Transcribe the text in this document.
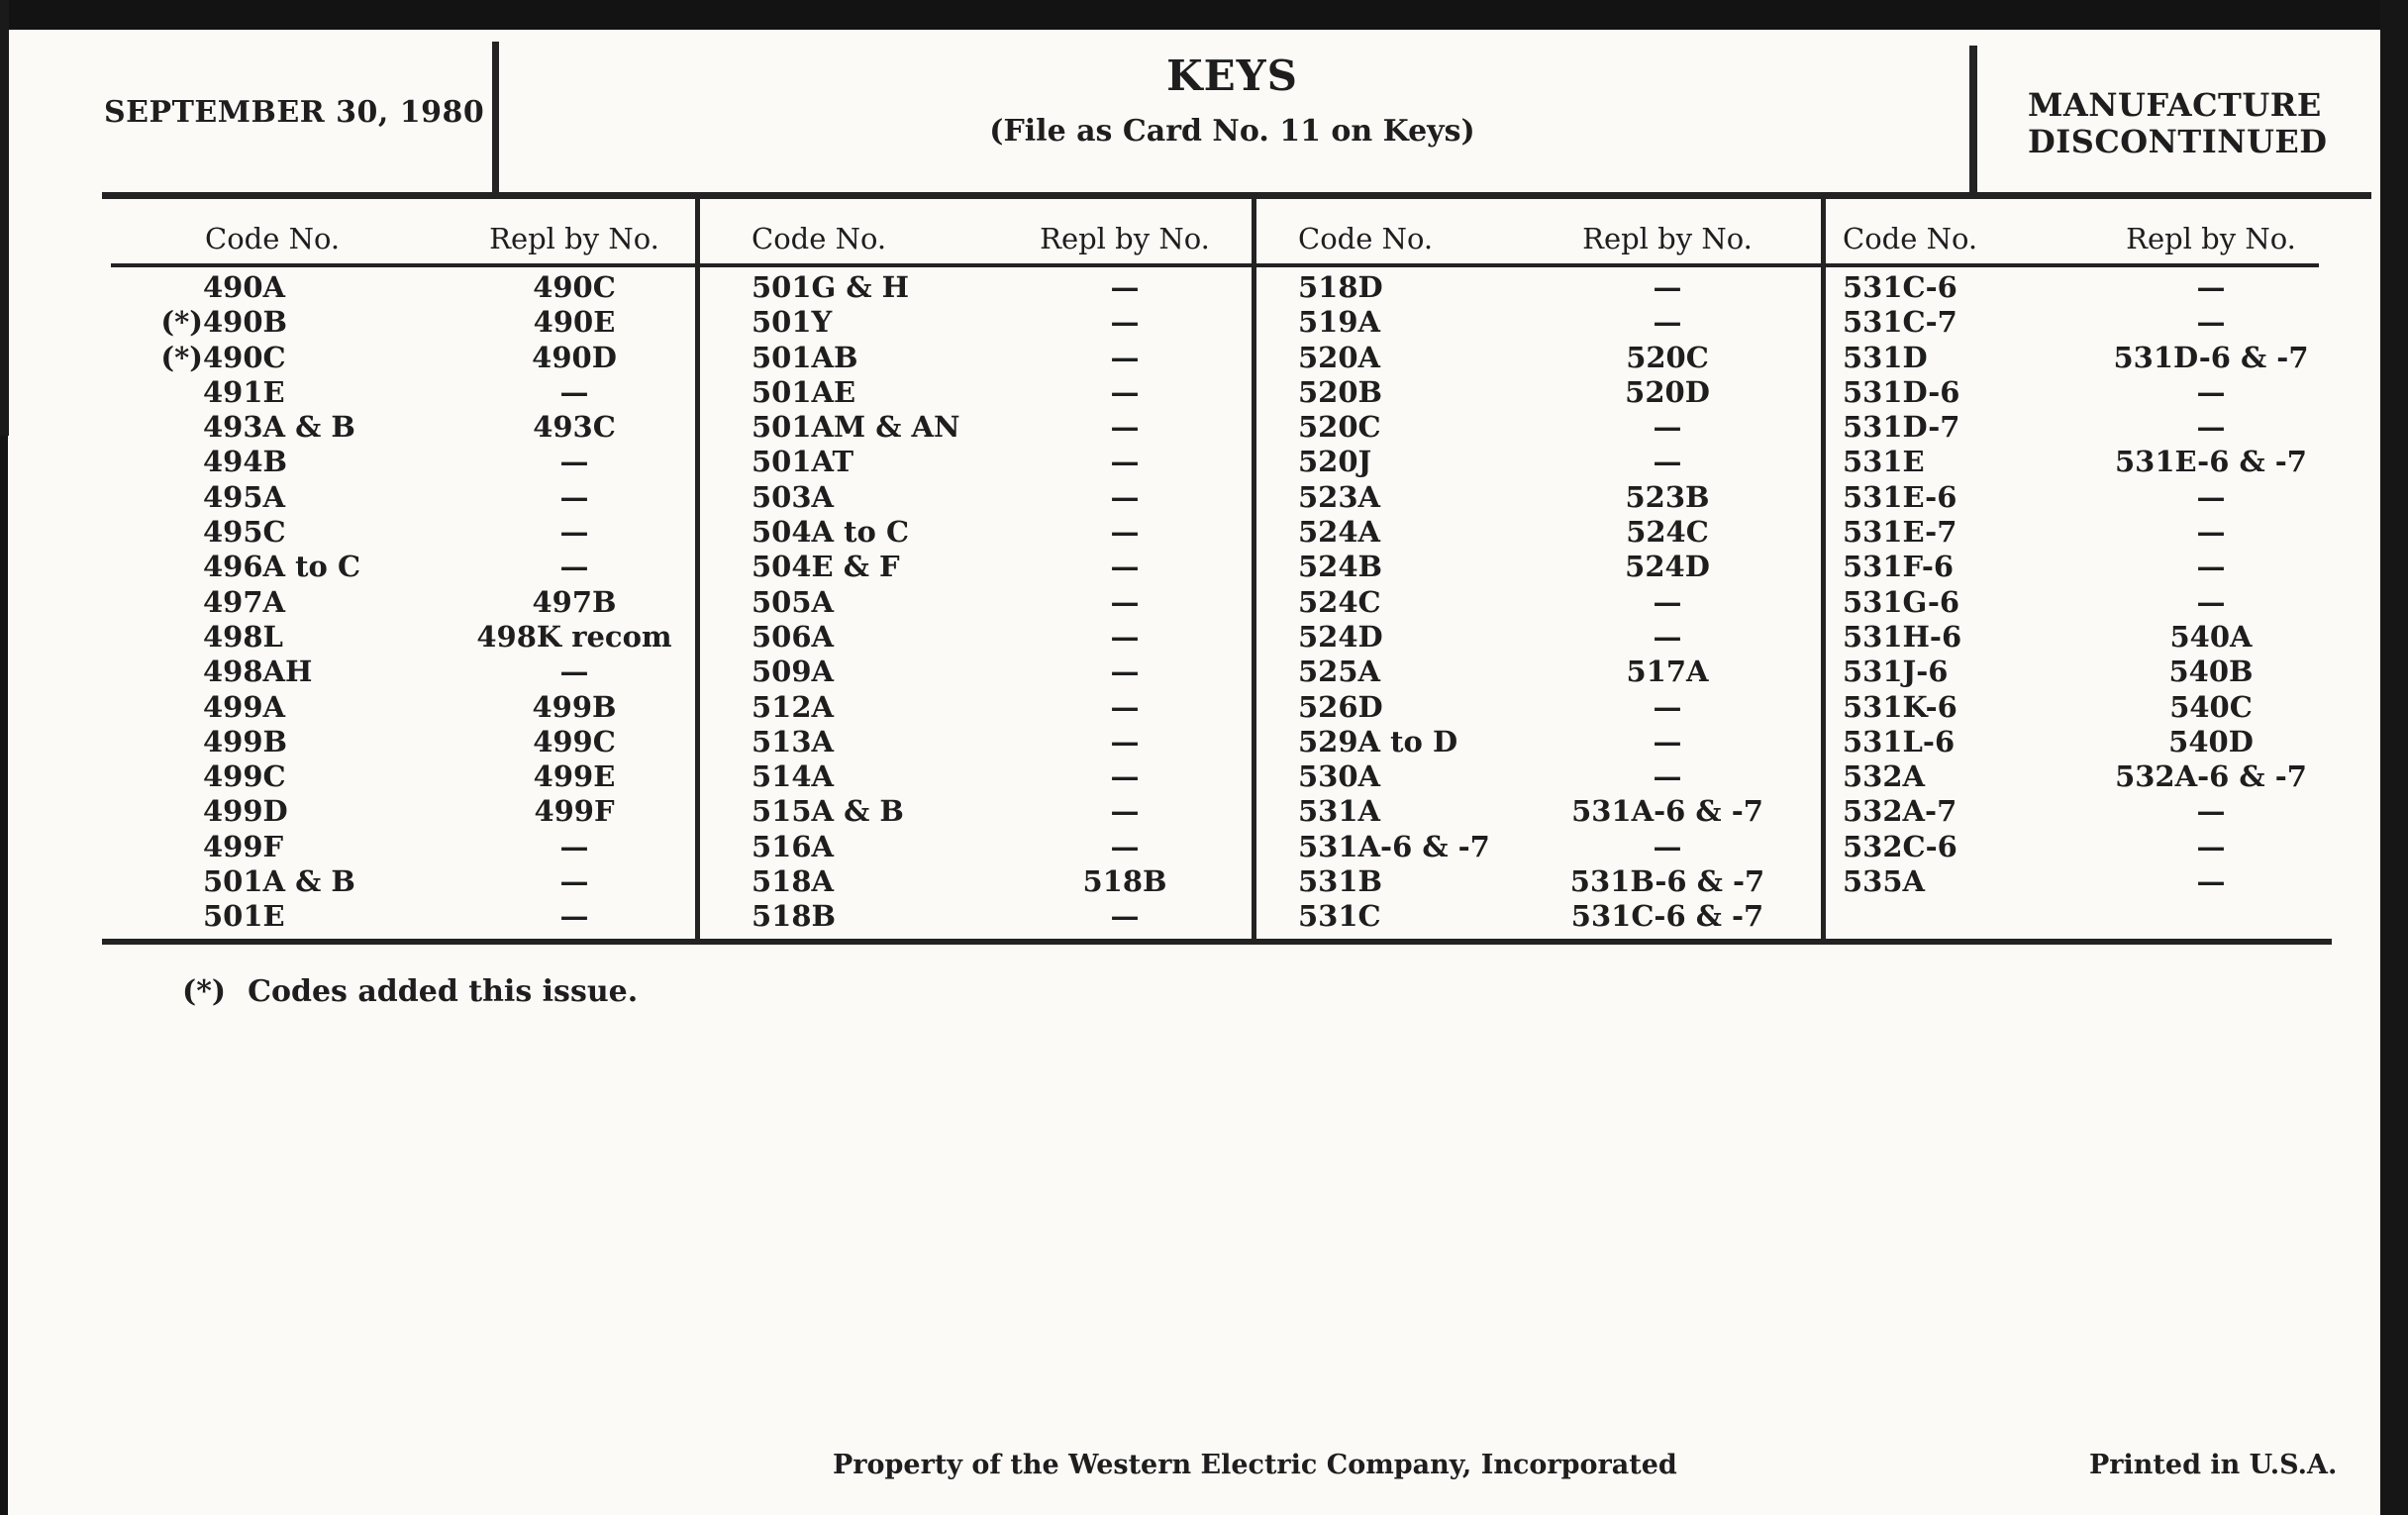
SEPTEMBER 30, 1980
KEYS
(File as Card No. 11 on Keys)
MANUFACTURE
DISCONTINUED
Code No.	Repl by No.
490A	490C
(*) 490B	490E
(*) 490C	490D
491E	—
493A & B	493C
494B	—
495A	—
495C	—
496A to C	—
497A	497B
498L	498K recom
498AH	—
499A	499B
499B	499C
499C	499E
499D	499F
499F	—
501A & B	—
501E	—
Code No.	Repl by No.
501G & H	—
501Y	—
501AB	—
501AE	—
501AM & AN	—
501AT	—
503A	—
504A to C	—
504E & F	—
505A	—
506A	—
509A	—
512A	—
513A	—
514A	—
515A & B	—
516A	—
518A	518B
518B	—
Code No.	Repl by No.
518D	—
519A	—
520A	520C
520B	520D
520C	—
520J	—
523A	523B
524A	524C
524B	524D
524C	—
524D	—
525A	517A
526D	—
529A to D	—
530A	—
531A	531A-6 & -7
531A-6 & -7	—
531B	531B-6 & -7
531C	531C-6 & -7
Code No.	Repl by No.
531C-6	—
531C-7	—
531D	531D-6 & -7
531D-6	—
531D-7	—
531E	531E-6 & -7
531E-6	—
531E-7	—
531F-6	—
531G-6	—
531H-6	540A
531J-6	540B
531K-6	540C
531L-6	540D
532A	532A-6 & -7
532A-7	—
532C-6	—
535A	—
(*) Codes added this issue.
Property of the Western Electric Company, Incorporated	Printed in U.S.A.
